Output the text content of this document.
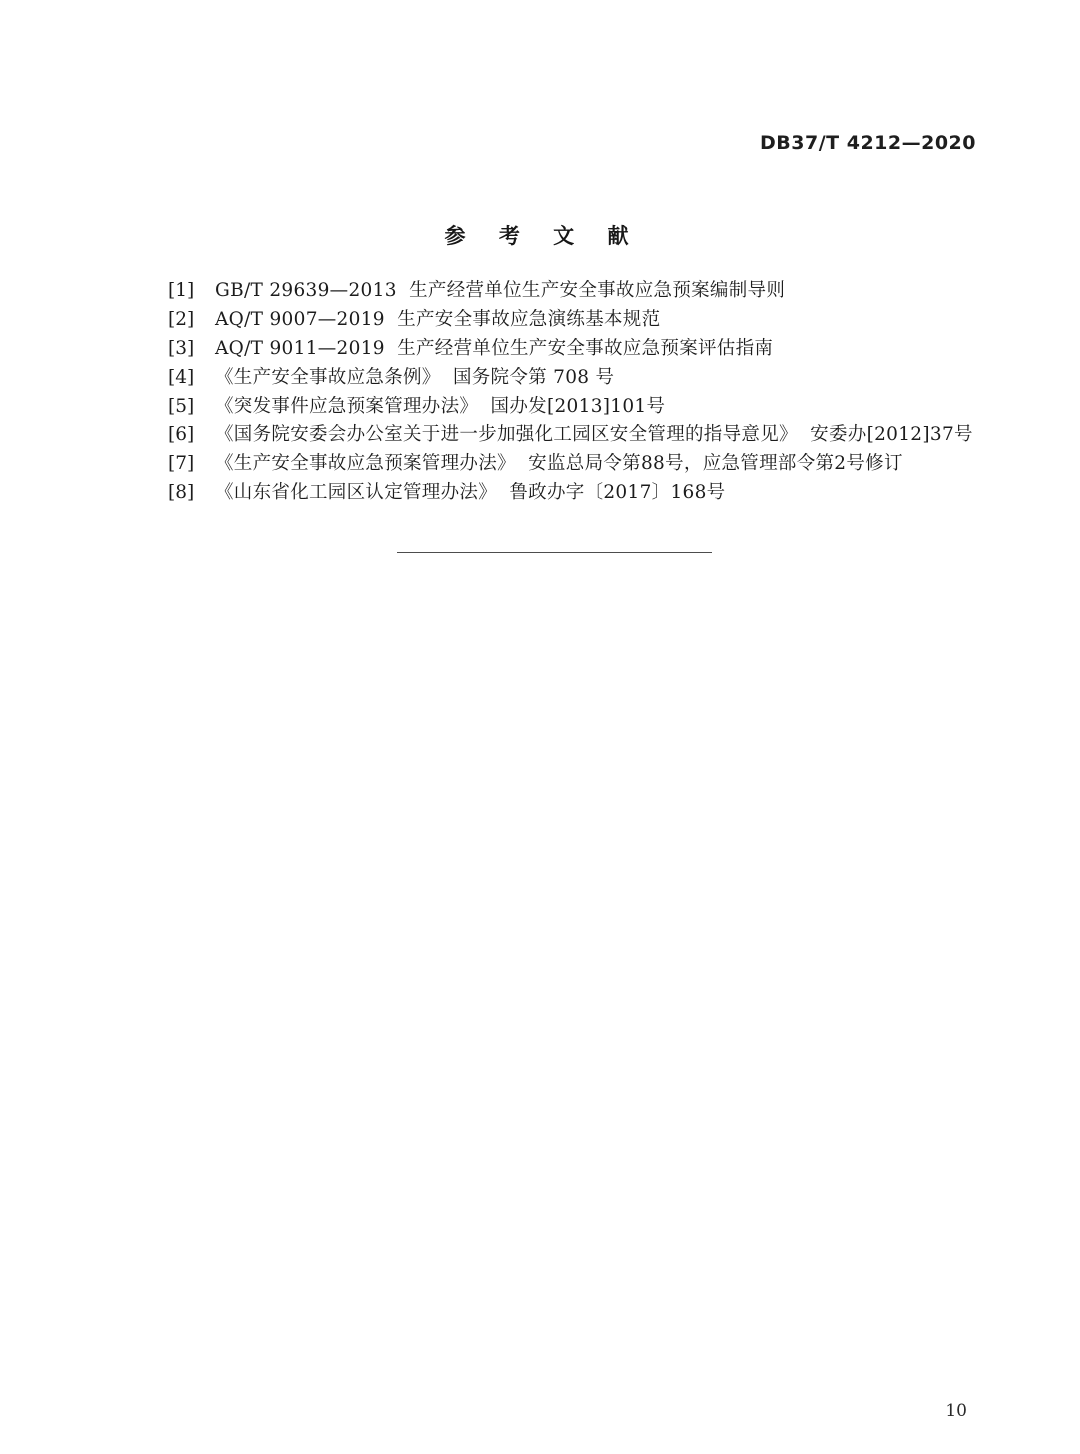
DB37/T 4212—2020
参 考 文 献
[1]	GB/T 29639—2013  生产经营单位生产安全事故应急预案编制导则
[2]	AQ/T 9007—2019  生产安全事故应急演练基本规范
[3]	AQ/T 9011—2019  生产经营单位生产安全事故应急预案评估指南
[4]	《生产安全事故应急条例》  国务院令第 708 号
[5]	《突发事件应急预案管理办法》  国办发[2013]101号
[6]	《国务院安委会办公室关于进一步加强化工园区安全管理的指导意见》  安委办[2012]37号
[7]	《生产安全事故应急预案管理办法》  安监总局令第88号，应急管理部令第2号修订
[8]	《山东省化工园区认定管理办法》  鲁政办字〔2017〕168号
10
